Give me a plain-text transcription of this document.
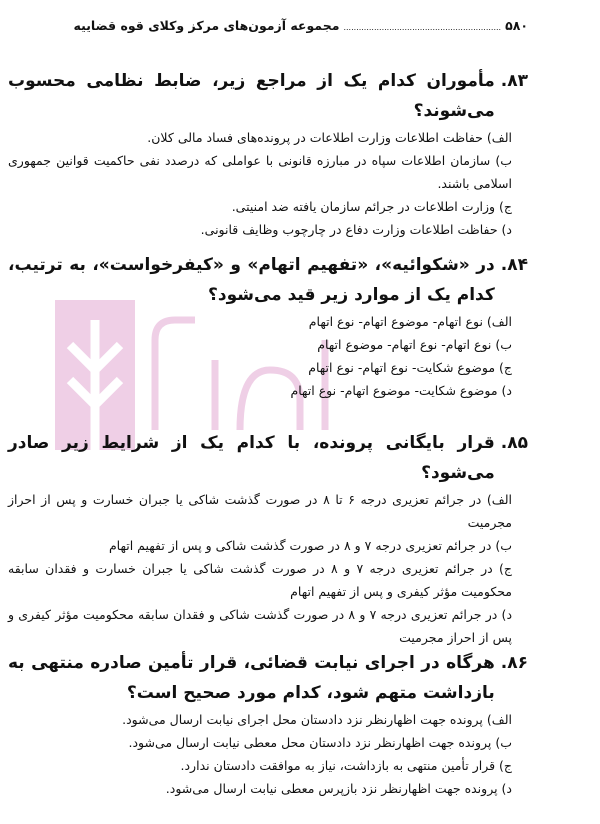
۵۸۰
..............................................................
مجموعه آزمون‌های مرکز وکلای قوه قضاییه
۸۳.
مأموران کدام یک از مراجع زیر، ضابط نظامی محسوب می‌شوند؟
الف) حفاظت اطلاعات وزارت اطلاعات در پرونده‌های فساد مالی کلان.
ب) سازمان اطلاعات سپاه در مبارزه قانونی با عواملی که درصدد نفی حاکمیت قوانین جمهوری اسلامی باشند.
ج) وزارت اطلاعات در جرائم سازمان یافته ضد امنیتی.
د) حفاظت اطلاعات وزارت دفاع در چارچوب وظایف قانونی.
۸۴.
در «شکوائیه»، «تفهیم اتهام» و «کیفرخواست»، به ترتیب، کدام یک از موارد زیر قید می‌شود؟
الف) نوع اتهام- موضوع اتهام- نوع اتهام
ب) نوع اتهام- نوع اتهام- موضوع اتهام
ج) موضوع شکایت- نوع اتهام- نوع اتهام
د) موضوع شکایت- موضوع اتهام- نوع اتهام
۸۵.
قرار بایگانی پرونده، با کدام یک از شرایط زیر صادر می‌شود؟
الف) در جرائم تعزیری درجه ۶ تا ۸ در صورت گذشت شاکی یا جبران خسارت و پس از احراز مجرمیت
ب) در جرائم تعزیری درجه ۷ و ۸ در صورت گذشت شاکی و پس از تفهیم اتهام
ج) در جرائم تعزیری درجه ۷ و ۸ در صورت گذشت شاکی یا جبران خسارت و فقدان سابقه محکومیت مؤثر کیفری و پس از تفهیم اتهام
د) در جرائم تعزیری درجه ۷ و ۸ در صورت گذشت شاکی و فقدان سابقه محکومیت مؤثر کیفری و پس از احراز مجرمیت
۸۶.
هرگاه در اجرای نیابت قضائی، قرار تأمین صادره منتهی به بازداشت متهم شود، کدام مورد صحیح است؟
الف) پرونده جهت اظهارنظر نزد دادستان محل اجرای نیابت ارسال می‌شود.
ب) پرونده جهت اظهارنظر نزد دادستان محل معطی نیابت ارسال می‌شود.
ج) قرار تأمین منتهی به بازداشت، نیاز به موافقت دادستان ندارد.
د) پرونده جهت اظهارنظر نزد بازپرس معطی نیابت ارسال می‌شود.
